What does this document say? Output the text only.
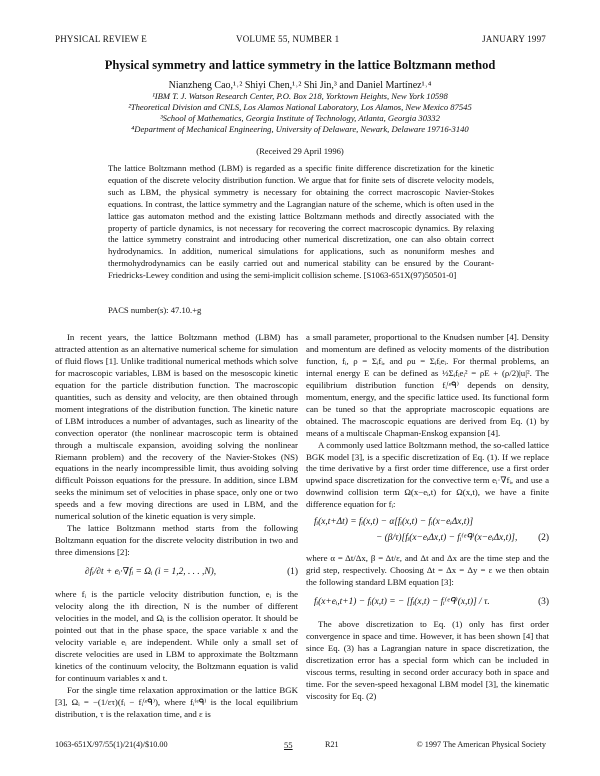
PHYSICAL REVIEW E	VOLUME 55, NUMBER 1	JANUARY 1997
Physical symmetry and lattice symmetry in the lattice Boltzmann method
Nianzheng Cao,¹˒² Shiyi Chen,¹˒² Shi Jin,³ and Daniel Martínez¹˒⁴
¹IBM T. J. Watson Research Center, P.O. Box 218, Yorktown Heights, New York 10598
²Theoretical Division and CNLS, Los Alamos National Laboratory, Los Alamos, New Mexico 87545
³School of Mathematics, Georgia Institute of Technology, Atlanta, Georgia 30332
⁴Department of Mechanical Engineering, University of Delaware, Newark, Delaware 19716-3140
(Received 29 April 1996)

The lattice Boltzmann method (LBM) is regarded as a specific finite difference discretization for the kinetic equation of the discrete velocity distribution function. We argue that for finite sets of discrete velocity models, such as LBM, the physical symmetry is necessary for obtaining the correct macroscopic Navier-Stokes equations. In contrast, the lattice symmetry and the Lagrangian nature of the scheme, which is often used in the lattice gas automaton method and the existing lattice Boltzmann methods and directly associated with the property of particle dynamics, is not necessary for recovering the correct macroscopic dynamics. By relaxing the lattice symmetry constraint and introducing other numerical discretization, one can also obtain correct hydrodynamics. In addition, numerical simulations for applications, such as nonuniform meshes and thermohydrodynamics can be easily carried out and numerical stability can be ensured by the Courant-Friedricks-Lewey condition and using the semi-implicit collision scheme. [S1063-651X(97)50501-0]

PACS number(s): 47.10.+g

In recent years, the lattice Boltzmann method (LBM) has attracted attention as an alternative numerical scheme for simulation of fluid flows [1]. Unlike traditional numerical methods which solve for macroscopic variables, LBM is based on the mesoscopic kinetic equation for the particle distribution function. The macroscopic quantities, such as density and velocity, are then obtained through moment integrations of the distribution function. The kinetic nature of LBM introduces a number of advantages, such as linearity of the convection operator (the nonlinear macroscopic term is obtained through a multiscale expansion, avoiding solving the nonlinear Riemann problem) and the recovery of the Navier-Stokes (NS) equations in the nearly incompressible limit, thus avoiding solving difficult Poisson equations for the pressure. In addition, since LBM seeks the minimum set of velocities in phase space, only one or two speeds and a few moving directions are used in LBM, and the numerical solution of the kinetic equation is very simple.

The lattice Boltzmann method starts from the following Boltzmann equation for the discrete velocity distribution in two and three dimensions [2]:

∂fᵢ/∂t + eᵢ·∇fᵢ = Ωᵢ (i = 1,2, . . . ,N),	(1)

where fᵢ is the particle velocity distribution function, eᵢ is the velocity along the ith direction, N is the number of different velocities in the model, and Ωᵢ is the collision operator. It should be pointed out that in the phase space, the space variable x and the velocity variable eᵢ are independent. While only a small set of discrete velocities are used in LBM to approximate the Boltzmann kinetics of the continuum velocity, the Boltzmann equation is valid for continuum variables x and t.

For the single time relaxation approximation or the lattice BGK [3], Ωᵢ = −(1/ετ)(fᵢ − fᵢ⁽ᵉᑫ⁾), where fᵢ⁽ᵉᑫ⁾ is the local equilibrium distribution, τ is the relaxation time, and ε is

a small parameter, proportional to the Knudsen number [4]. Density and momentum are defined as velocity moments of the distribution function, fᵢ, ρ = Σᵢfᵢ, and ρu = Σᵢfᵢeᵢ. For thermal problems, an internal energy E can be defined as ½Σᵢfᵢeᵢ² = ρE + (ρ/2)|u|². The equilibrium distribution function fᵢ⁽ᵉᑫ⁾ depends on density, momentum, energy, and the specific lattice used. Its functional form can be tuned so that the appropriate macroscopic equations are obtained. The macroscopic equations are derived from Eq. (1) by means of a multiscale Chapman-Enskog expansion [4].

A commonly used lattice Boltzmann method, the so-called lattice BGK model [3], is a specific discretization of Eq. (1). If we replace the time derivative by a first order time difference, use a first order upwind space discretization for the convective term eᵢ·∇fᵢ, and use a downwind collision term Ω(x−eᵢ,t) for Ω(x,t), we have a finite difference equation for fᵢ:

fᵢ(x,t+Δt) = fᵢ(x,t) − α[fᵢ(x,t) − fᵢ(x−eᵢΔx,t)]
− (β/τ)[fᵢ(x−eᵢΔx,t) − fᵢ⁽ᵉᑫ⁾(x−eᵢΔx,t)], (2)

where α = Δt/Δx, β = Δt/ε, and Δt and Δx are the time step and the grid step, respectively. Choosing Δt = Δx = Δy = ε we then obtain the following standard LBM equation [3]:

fᵢ(x+eᵢ,t+1) − fᵢ(x,t) = − [fᵢ(x,t) − fᵢ⁽ᵉᑫ⁾(x,t)] / τ.	(3)

The above discretization to Eq. (1) only has first order convergence in space and time. However, it has been shown [4] that since Eq. (3) has a Lagrangian nature in space discretization, the discretization error has a special form which can be included in viscous terms, resulting in second order accuracy both in space and time. For the seven-speed hexagonal LBM model [3], the kinematic viscosity for Eq. (2)

1063-651X/97/55(1)/21(4)/$10.00	55	R21	© 1997 The American Physical Society
